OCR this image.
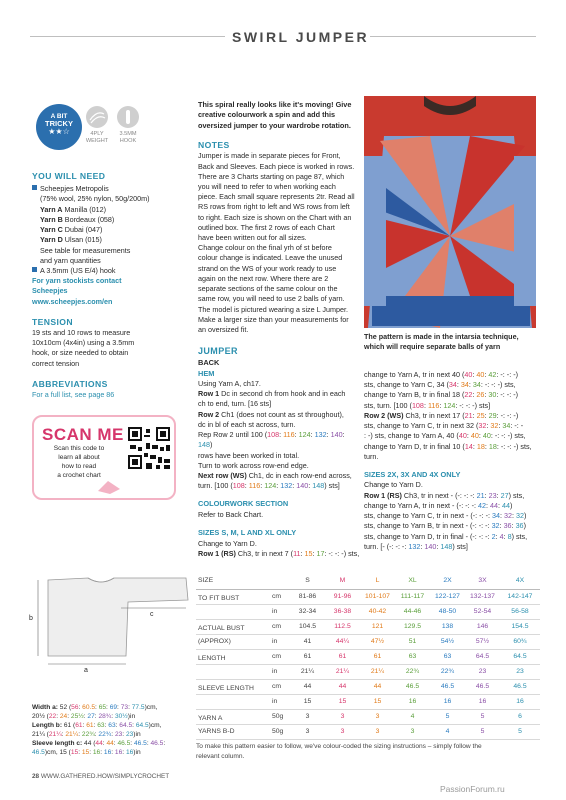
SWIRL JUMPER
A BIT
TRICKY
★★☆	4PLY
WEIGHT
3.5MM
HOOK
YOU WILL NEED
Scheepjes Metropolis
(75% wool, 25% nylon, 50g/200m)
Yarn A Manilla (012)
Yarn B Bordeaux (058)
Yarn C Dubai (047)
Yarn D Ulsan (015)
See table for measurements
and yarn quantities
A 3.5mm (US E/4) hook
For yarn stockists contact
Scheepjes
www.scheepjes.com/en
TENSION
19 sts and 10 rows to measure
10x10cm (4x4in) using a 3.5mm
hook, or size needed to obtain
correct tension
ABBREVIATIONS
For a full list, see page 86
SCAN ME
Scan this code to
learn all about
how to read
a crochet chart
This spiral really looks like it's moving! Give
creative colourwork a spin and add this
oversized jumper to your wardrobe rotation.
NOTES
Jumper is made in separate pieces for Front,
Back and Sleeves. Each piece is worked in rows.
There are 3 Charts starting on page 87, which
you will need to refer to when working each
piece. Each small square represents 2tr. Read all
RS rows from right to left and WS rows from left
to right. Each size is shown on the Chart with an
outlined box. The first 2 rows of each Chart
have been written out for all sizes.
Change colour on the final yrh of st before
colour change is indicated. Leave the unused
strand on the WS of your work ready to use
again on the next row. Where there are 2
separate sections of the same colour on the
same row, you will need to use 2 balls of yarn.
The model is pictured wearing a size L Jumper.
Make a larger size than your measurements for
an oversized fit.
JUMPER
BACK
HEM
Using Yarn A, ch17.
Row 1 Dc in second ch from hook and in each
ch to end, turn. [16 sts]
Row 2 Ch1 (does not count as st throughout),
dc in bl of each st across, turn.
Rep Row 2 until 100 (108: 116: 124: 132: 140: 148)
rows have been worked in total.
Turn to work across row-end edge.
Next row (WS) Ch1, dc in each row-end across,
turn. [100 (108: 116: 124: 132: 140: 148) sts]
COLOURWORK SECTION
Refer to Back Chart.
SIZES S, M, L AND XL ONLY
Change to Yarn D.
Row 1 (RS) Ch3, tr in next 7 (11: 15: 17: -: -: -) sts,
The pattern is made in the intarsia technique,
which will require separate balls of yarn
change to Yarn A, tr in next 40 (40: 40: 42: -: -: -)
sts, change to Yarn C, 34 (34: 34: 34: -: -: -) sts,
change to Yarn B, tr in final 18 (22: 26: 30: -: -: -)
sts, turn. [100 (108: 116: 124: -: -: -) sts]
Row 2 (WS) Ch3, tr in next 17 (21: 25: 29: -: -: -)
sts, change to Yarn C, tr in next 32 (32: 32: 34: -: -
: -) sts, change to Yarn A, 40 (40: 40: 40: -: -: -) sts,
change to Yarn D, tr in final 10 (14: 18: 18: -: -: -) sts,
turn.
SIZES 2X, 3X AND 4X ONLY
Change to Yarn D.
Row 1 (RS) Ch3, tr in next - (-: -: -: 21: 23: 27) sts,
change to Yarn A, tr in next - (-: -: -: 42: 44: 44)
sts, change to Yarn C, tr in next - (-: -: -: 34: 32: 32)
sts, change to Yarn B, tr in next - (-: -: -: 32: 36: 36)
sts, change to Yarn D, tr in final - (-: -: -: 2: 4: 8) sts,
turn. [- (-: -: -: 132: 140: 148) sts]
a
b
c
Width a: 52 (56: 60.5: 65: 69: 73: 77.5)cm,
20½ (22: 24: 25½: 27: 28¾: 30½)in
Length b: 61 (61: 61: 63: 63: 64.5: 64.5)cm,
21¼ (21¼: 21¼: 22¾: 22¾: 23: 23)in
Sleeve length c: 44 (44: 44: 46.5: 46.5: 46.5:
46.5)cm, 15 (15: 15: 16: 16: 16: 16)in
SIZE		S	M	L	XL	2X	3X	4X
TO FIT BUST	cm	81-86	91-96	101-107	111-117	122-127	132-137	142-147
	in	32-34	36-38	40-42	44-46	48-50	52-54	56-58
ACTUAL BUST	cm	104.5	112.5	121	129.5	138	146	154.5
(APPROX)	in	41	44¼	47½	51	54½	57½	60¾
LENGTH	cm	61	61	61	63	63	64.5	64.5
	in	21¼	21¼	21¼	22¾	22¾	23	23
SLEEVE LENGTH	cm	44	44	44	46.5	46.5	46.5	46.5
	in	15	15	15	16	16	16	16
YARN A	50g	3	3	3	4	5	5	6
YARNS B-D	50g	3	3	3	3	4	5	5
To make this pattern easier to follow, we've colour-coded the sizing instructions – simply follow the
relevant column.
28 WWW.GATHERED.HOW/SIMPLYCROCHET
PassionForum.ru
